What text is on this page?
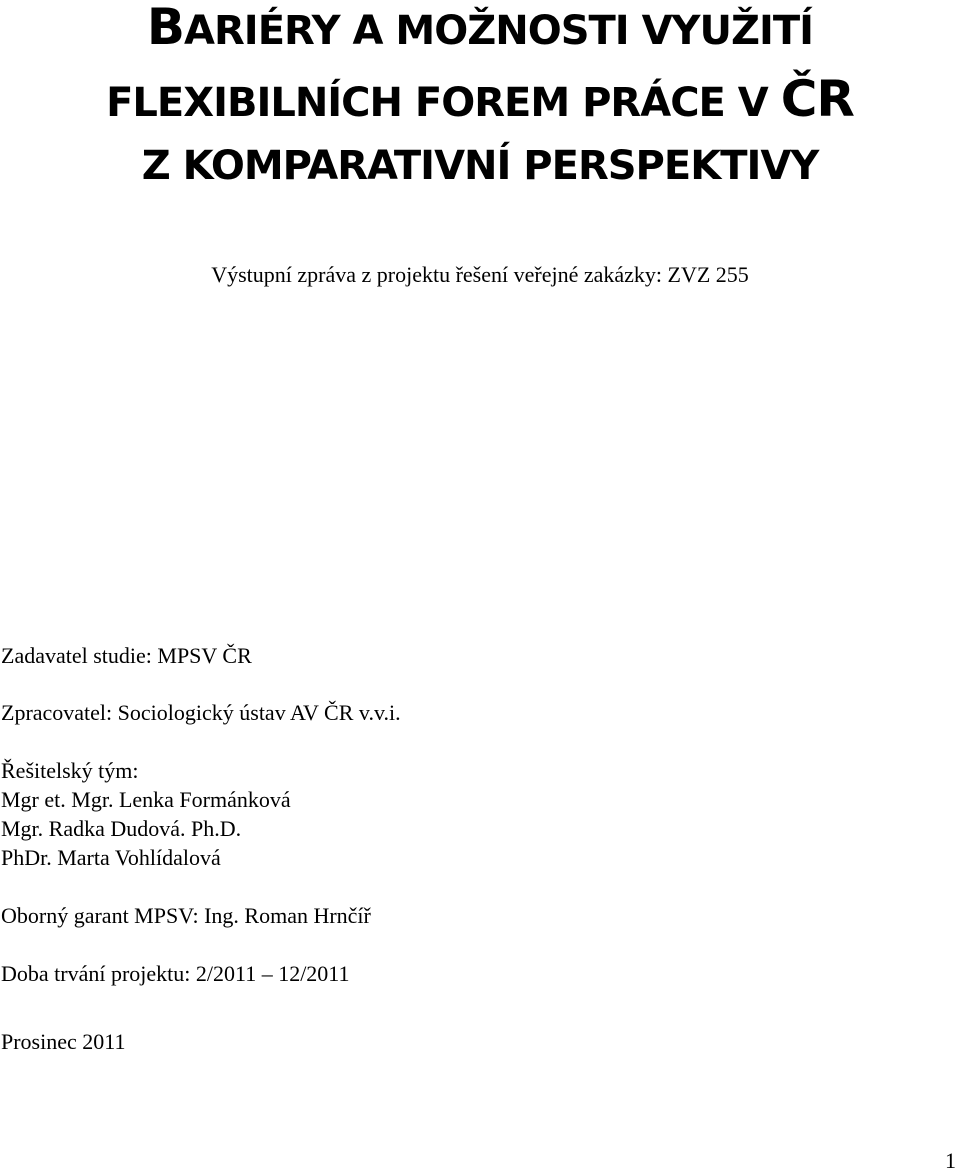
BARIÉRY A MOŽNOSTI VYUŽITÍ
FLEXIBILNÍCH FOREM PRÁCE V ČR
Z KOMPARATIVNÍ PERSPEKTIVY
Výstupní zpráva z projektu řešení veřejné zakázky: ZVZ 255
Zadavatel studie: MPSV ČR
Zpracovatel: Sociologický ústav AV ČR v.v.i.
Řešitelský tým:
Mgr et. Mgr. Lenka Formánková
Mgr. Radka Dudová. Ph.D.
PhDr. Marta Vohlídalová
Oborný garant MPSV: Ing. Roman Hrnčíř
Doba trvání projektu: 2/2011 – 12/2011
Prosinec 2011
1
